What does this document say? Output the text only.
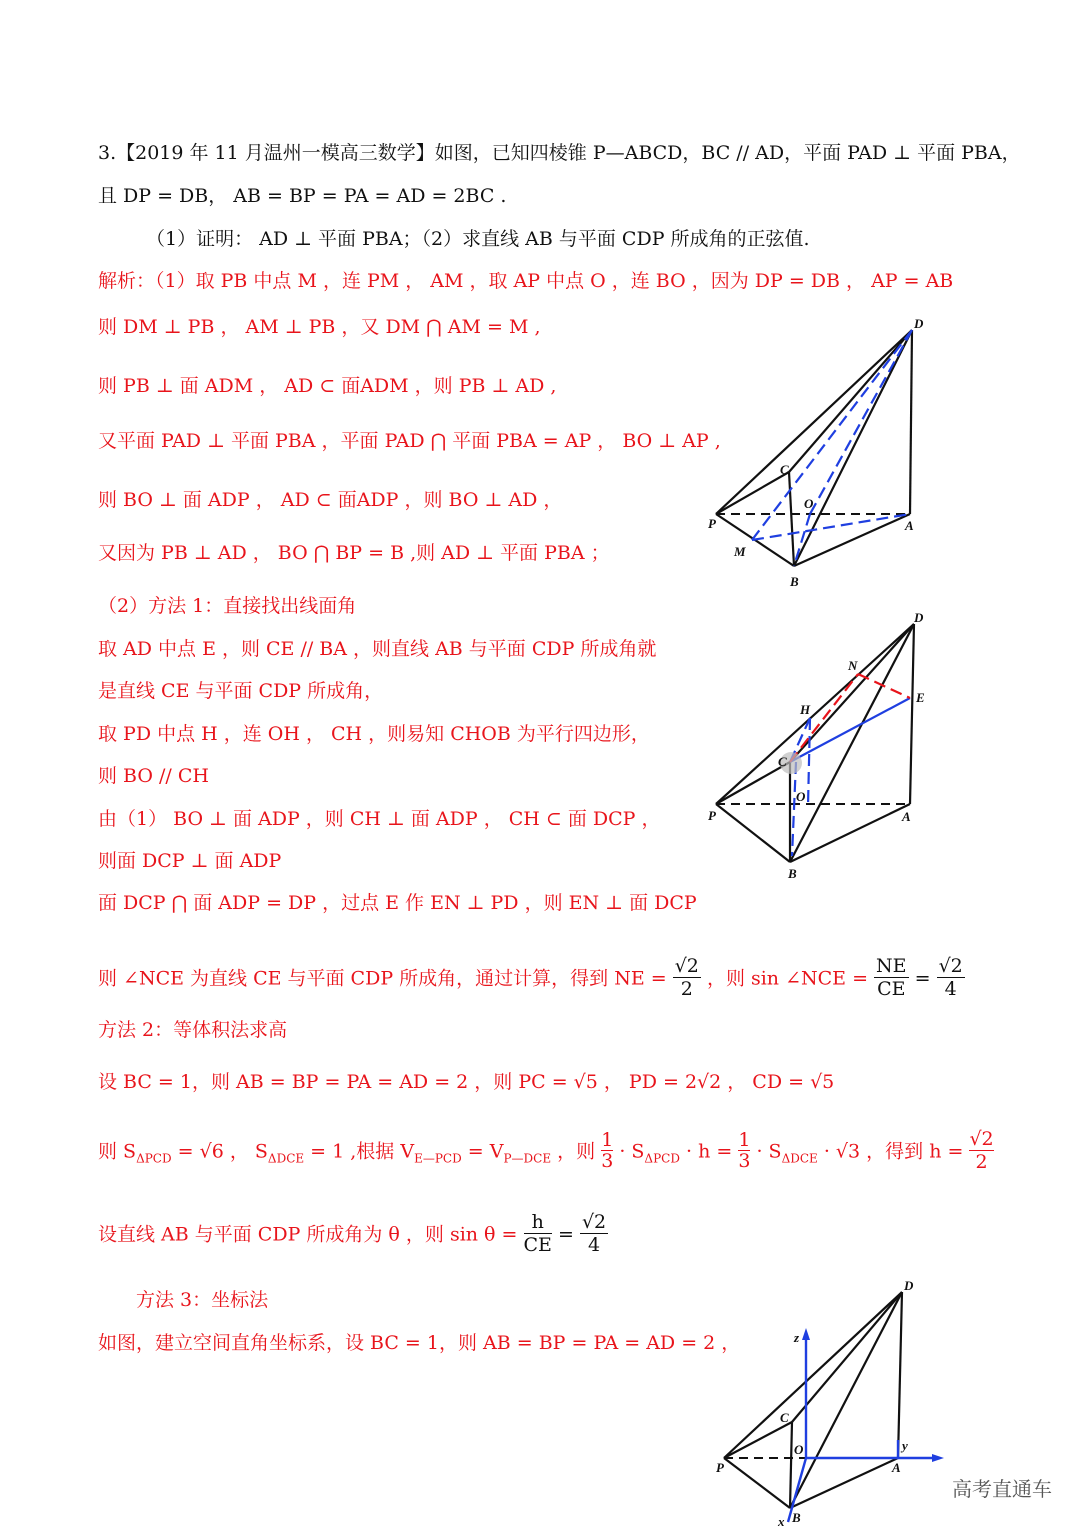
3.【2019 年 11 月温州一模高三数学】如图，已知四棱锥 P—ABCD，BC // AD，平面 PAD ⊥ 平面 PBA，
且 DP = DB， AB = BP = PA = AD = 2BC .
（1）证明： AD ⊥ 平面 PBA；（2）求直线 AB 与平面 CDP 所成角的正弦值.
解析：（1）取 PB 中点 M ，连 PM ， AM ，取 AP 中点 O ，连 BO ，因为 DP = DB ， AP = AB
则 DM ⊥ PB ， AM ⊥ PB ，又 DM ⋂ AM = M ,
则 PB ⊥ 面 ADM ， AD ⊂ 面ADM ，则 PB ⊥ AD ,
又平面 PAD ⊥ 平面 PBA ，平面 PAD ⋂ 平面 PBA = AP ， BO ⊥ AP ,
则 BO ⊥ 面 ADP ， AD ⊂ 面ADP ，则 BO ⊥ AD ，
又因为 PB ⊥ AD ， BO ⋂ BP = B ,则 AD ⊥ 平面 PBA ；
（2）方法 1：直接找出线面角
取 AD 中点 E ，则 CE // BA ，则直线 AB 与平面 CDP 所成角就
是直线 CE 与平面 CDP 所成角，
取 PD 中点 H ，连 OH ， CH ，则易知 CHOB 为平行四边形，
则 BO // CH
由（1） BO ⊥ 面 ADP ，则 CH ⊥ 面 ADP ， CH ⊂ 面 DCP ，
则面 DCP ⊥ 面 ADP
面 DCP ⋂ 面 ADP = DP ，过点 E 作 EN ⊥ PD ，则 EN ⊥ 面 DCP
则 ∠NCE 为直线 CE 与平面 CDP 所成角，通过计算，得到 NE = $\frac{√2}{2}$ ，则 sin ∠NCE = $\frac{NE}{CE} = \frac{√2}{4}$
方法 2：等体积法求高
设 BC = 1，则 AB = BP = PA = AD = 2 ，则 PC = √5 ， PD = 2√2 ， CD = √5
则 $S_{\Delta PCD} = √6$ ， $S_{\Delta DCE} = 1$ ,根据 $V_{E—PCD} = V_{P—DCE}$ ，则 $\frac{1}{3} \cdot S_{\Delta PCD} \cdot h = \frac{1}{3} \cdot S_{\Delta DCE} \cdot √3$ ，得到 $h = \frac{√2}{2}$
设直线 AB 与平面 CDP 所成角为 θ ，则 $\sin \theta = \frac{h}{CE} = \frac{√2}{4}$
方法 3：坐标法
如图，建立空间直角坐标系，设 BC = 1，则 AB = BP = PA = AD = 2 ，
D
C
O
P	A
M
B
D
N
E
H
C
O
P	A
B
D
z
C
O	y
P	A
x B
高考直通车
